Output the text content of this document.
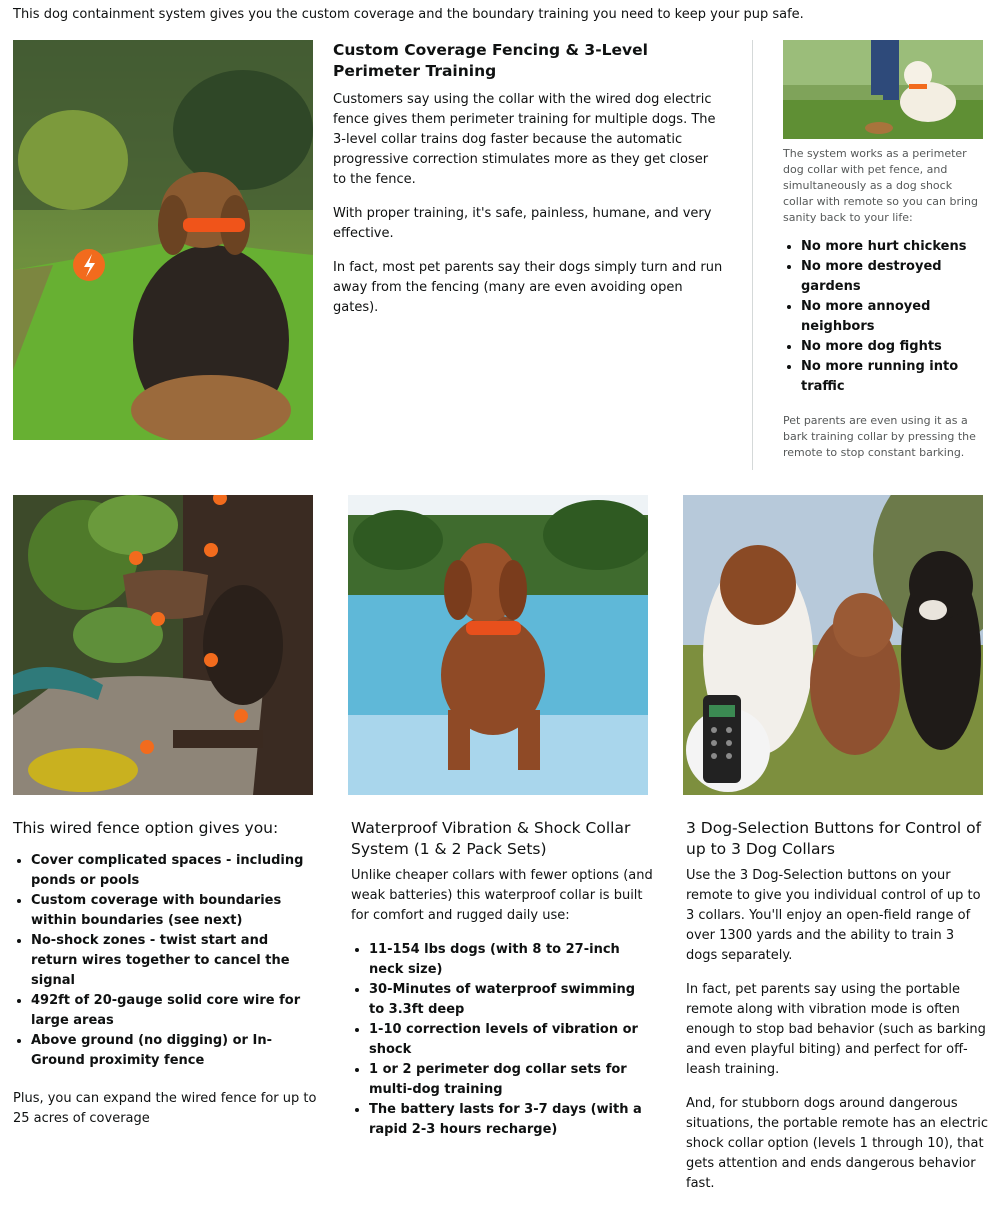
This dog containment system gives you the custom coverage and the boundary training you need to keep your pup safe.
Custom Coverage Fencing & 3-Level Perimeter Training

Customers say using the collar with the wired dog electric fence gives them perimeter training for multiple dogs. The 3-level collar trains dog faster because the automatic progressive correction stimulates more as they get closer to the fence.

With proper training, it's safe, painless, humane, and very effective.

In fact, most pet parents say their dogs simply turn and run away from the fencing (many are even avoiding open gates).

The system works as a perimeter dog collar with pet fence, and simultaneously as a dog shock collar with remote so you can bring sanity back to your life:

• No more hurt chickens
• No more destroyed gardens
• No more annoyed neighbors
• No more dog fights
• No more running into traffic

Pet parents are even using it as a bark training collar by pressing the remote to stop constant barking.

This wired fence option gives you:
• Cover complicated spaces - including ponds or pools
• Custom coverage with boundaries within boundaries (see next)
• No-shock zones - twist start and return wires together to cancel the signal
• 492ft of 20-gauge solid core wire for large areas
• Above ground (no digging) or In-Ground proximity fence

Plus, you can expand the wired fence for up to 25 acres of coverage

Waterproof Vibration & Shock Collar System (1 & 2 Pack Sets)

Unlike cheaper collars with fewer options (and weak batteries) this waterproof collar is built for comfort and rugged daily use:

• 11-154 lbs dogs (with 8 to 27-inch neck size)
• 30-Minutes of waterproof swimming to 3.3ft deep
• 1-10 correction levels of vibration or shock
• 1 or 2 perimeter dog collar sets for multi-dog training
• The battery lasts for 3-7 days (with a rapid 2-3 hours recharge)
3 Dog-Selection Buttons for Control of up to 3 Dog Collars

Use the 3 Dog-Selection buttons on your remote to give you individual control of up to 3 collars. You'll enjoy an open-field range of over 1300 yards and the ability to train 3 dogs separately.

In fact, pet parents say using the portable remote along with vibration mode is often enough to stop bad behavior (such as barking and even playful biting) and perfect for off-leash training.

And, for stubborn dogs around dangerous situations, the portable remote has an electric shock collar option (levels 1 through 10), that gets attention and ends dangerous behavior fast.
